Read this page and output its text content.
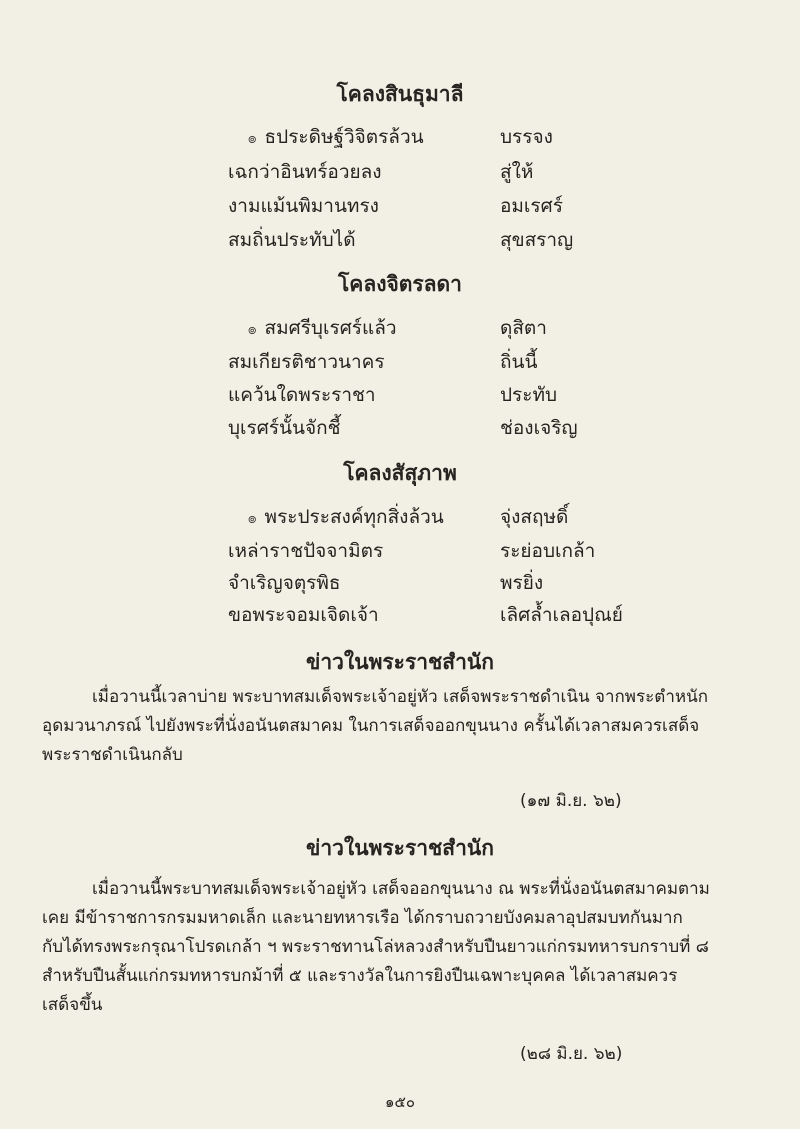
โคลงสินธุมาลี
๏ ธประดิษฐ์วิจิตรล้วน	บรรจง
เฉกว่าอินทร์อวยลง	สู่ให้
งามแม้นพิมานทรง	อมเรศร์
สมถิ่นประทับได้	สุขสราญ
โคลงจิตรลดา
๏ สมศรีบุเรศร์แล้ว	ดุสิตา
สมเกียรติชาวนาคร	ถิ่นนี้
แคว้นใดพระราชา	ประทับ
บุเรศร์นั้นจักชี้	ช่องเจริญ
โคลงสัสุภาพ
๏ พระประสงค์ทุกสิ่งล้วน	จุ่งสฤษดิ์
เหล่าราชปัจจามิตร	ระย่อบเกล้า
จำเริญจตุรพิธ	พรยิ่ง
ขอพระจอมเจิดเจ้า	เลิศล้ำเลอปุณย์
ข่าวในพระราชสำนัก

เมื่อวานนี้เวลาบ่าย พระบาทสมเด็จพระเจ้าอยู่หัว เสด็จพระราชดำเนิน จากพระตำหนัก

อุดมวนาภรณ์ ไปยังพระที่นั่งอนันตสมาคม ในการเสด็จออกขุนนาง ครั้นได้เวลาสมควรเสด็จ
พระราชดำเนินกลับ
(๑๗ มิ.ย. ๖๒)
ข่าวในพระราชสำนัก

เมื่อวานนี้พระบาทสมเด็จพระเจ้าอยู่หัว เสด็จออกขุนนาง ณ พระที่นั่งอนันตสมาคมตาม

เคย มีข้าราชการกรมมหาดเล็ก และนายทหารเรือ ได้กราบถวายบังคมลาอุปสมบทกันมาก
กับได้ทรงพระกรุณาโปรดเกล้า ฯ พระราชทานโล่หลวงสำหรับปืนยาวแก่กรมทหารบกราบที่ ๘
สำหรับปืนสั้นแก่กรมทหารบกม้าที่ ๕ และรางวัลในการยิงปืนเฉพาะบุคคล ได้เวลาสมควร
เสด็จขึ้น
(๒๘ มิ.ย. ๖๒)
๑๕๐
